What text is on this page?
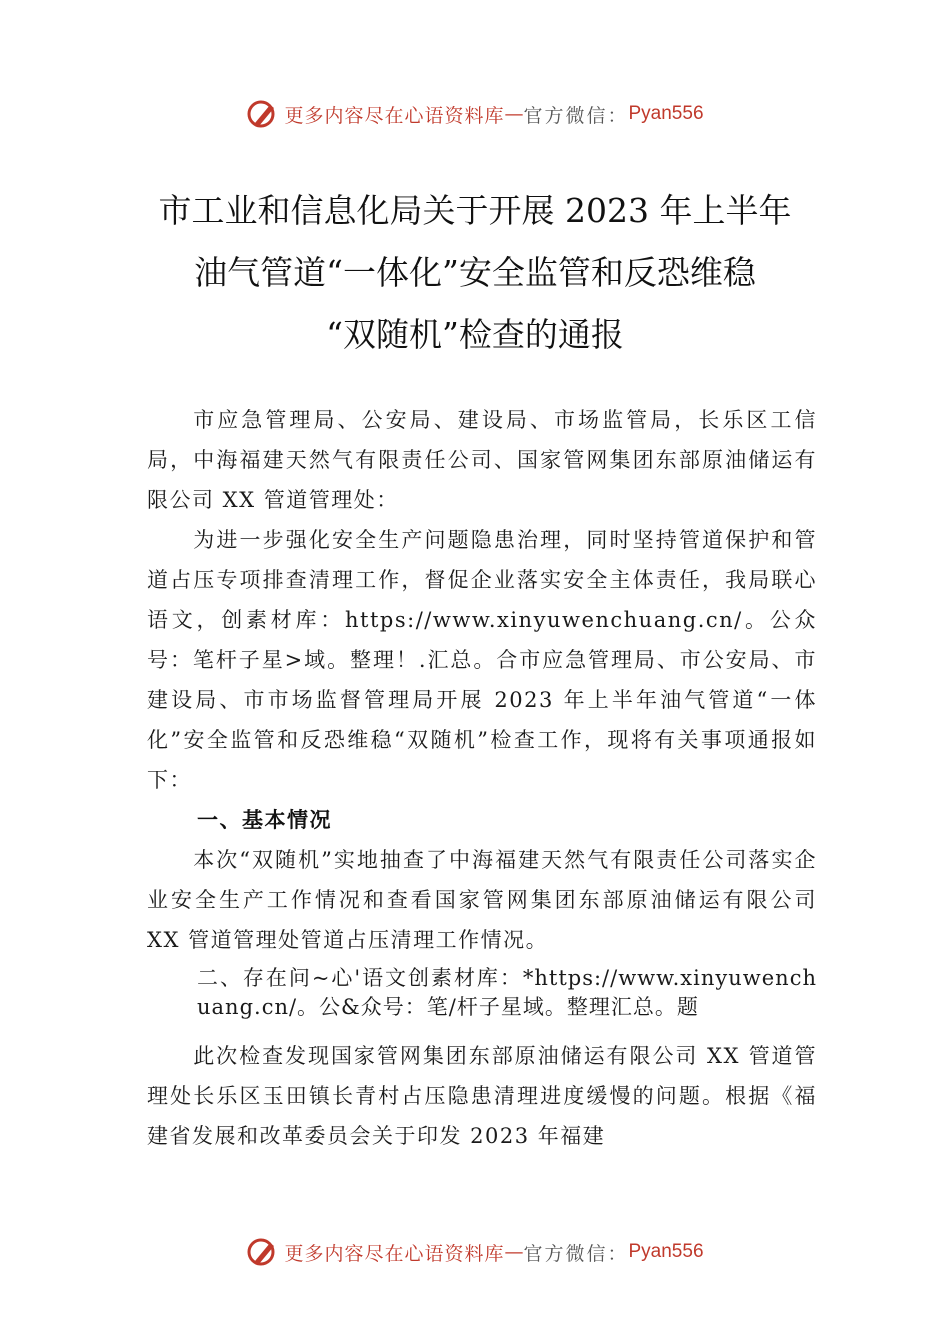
更多内容尽在心语资料库 — 官方微信： Pyan556
市工业和信息化局关于开展 2023 年上半年
油气管道“一体化”安全监管和反恐维稳
“双随机”检查的通报

市应急管理局、公安局、建设局、市场监管局，长乐区工信局，中海福建天然气有限责任公司、国家管网集团东部原油储运有限公司 XX 管道管理处：

为进一步强化安全生产问题隐患治理，同时坚持管道保护和管道占压专项排查清理工作，督促企业落实安全主体责任，我局联心语文，创素材库：https://www.xinyuwenchuang.cn/。公众号：笔杆子星>域。整理！.汇总。合市应急管理局、市公安局、市建设局、市市场监督管理局开展 2023 年上半年油气管道“一体化”安全监管和反恐维稳“双随机”检查工作，现将有关事项通报如下：

一、基本情况

本次“双随机”实地抽查了中海福建天然气有限责任公司落实企业安全生产工作情况和查看国家管网集团东部原油储运有限公司 XX 管道管理处管道占压清理工作情况。

二、存在问~心'语文创素材库：*https://www.xinyuwenchuang.cn/。公&众号：笔/杆子星域。整理汇总。题

此次检查发现国家管网集团东部原油储运有限公司 XX 管道管理处长乐区玉田镇长青村占压隐患清理进度缓慢的问题。根据《福建省发展和改革委员会关于印发 2023 年福建

更多内容尽在心语资料库 — 官方微信： Pyan556
